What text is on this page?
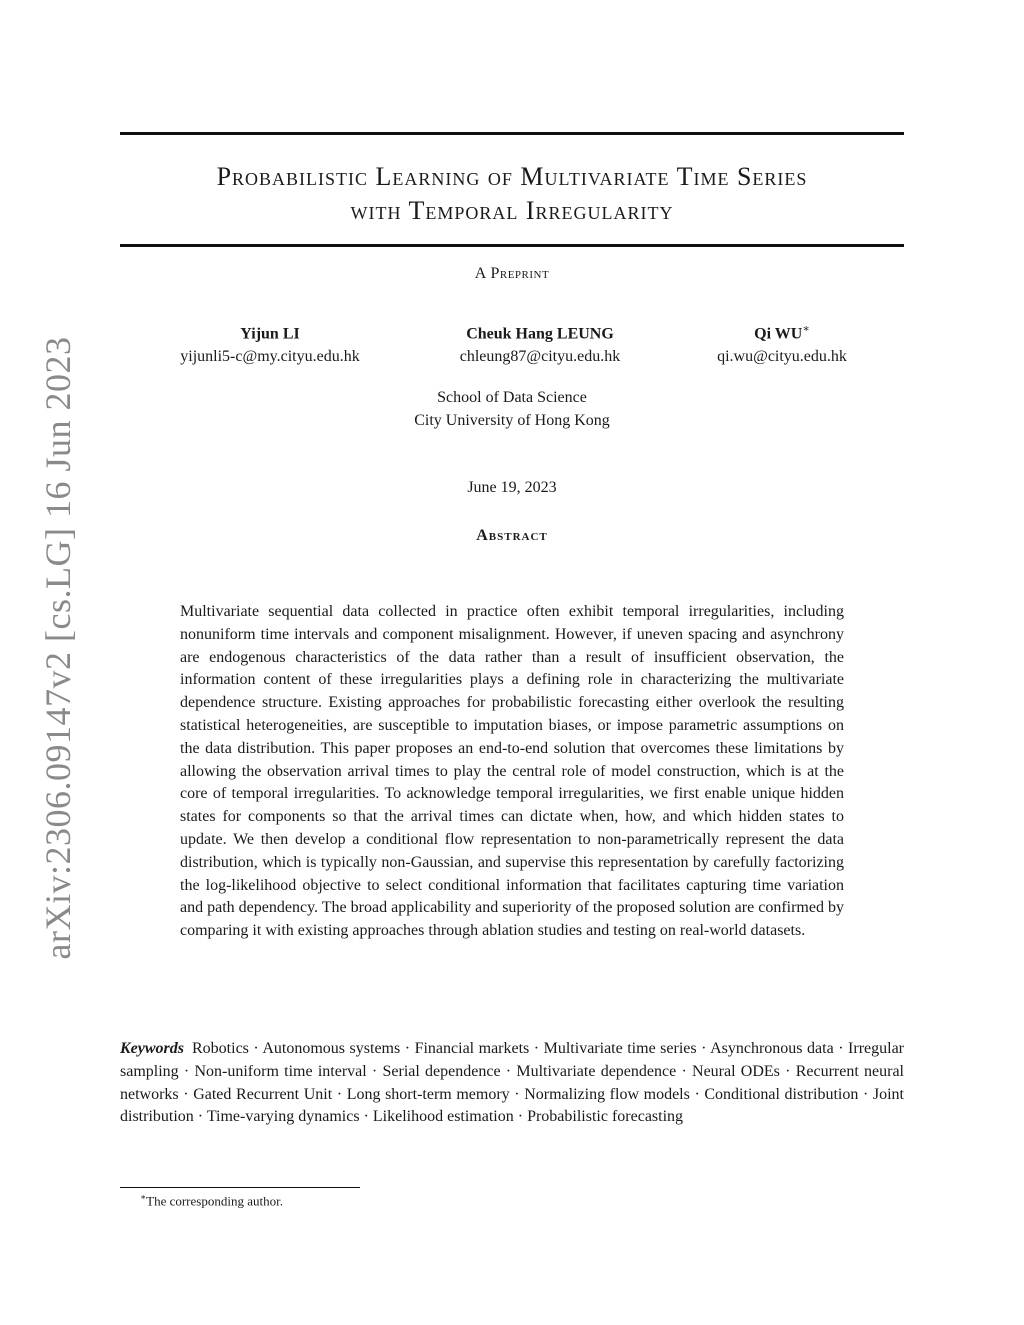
arXiv:2306.09147v2 [cs.LG] 16 Jun 2023
Probabilistic Learning of Multivariate Time Series
with Temporal Irregularity
A Preprint
Yijun LI
yijunli5-c@my.cityu.edu.hk
Cheuk Hang LEUNG
chleung87@cityu.edu.hk
Qi WU∗
qi.wu@cityu.edu.hk
School of Data Science
City University of Hong Kong
June 19, 2023
Abstract

Multivariate sequential data collected in practice often exhibit temporal irregularities, including nonuniform time intervals and component misalignment. However, if uneven spacing and asynchrony are endogenous characteristics of the data rather than a result of insufficient observation, the information content of these irregularities plays a defining role in characterizing the multivariate dependence structure. Existing approaches for probabilistic forecasting either overlook the resulting statistical heterogeneities, are susceptible to imputation biases, or impose parametric assumptions on the data distribution. This paper proposes an end-to-end solution that overcomes these limitations by allowing the observation arrival times to play the central role of model construction, which is at the core of temporal irregularities. To acknowledge temporal irregularities, we first enable unique hidden states for components so that the arrival times can dictate when, how, and which hidden states to update. We then develop a conditional flow representation to non-parametrically represent the data distribution, which is typically non-Gaussian, and supervise this representation by carefully factorizing the log-likelihood objective to select conditional information that facilitates capturing time variation and path dependency. The broad applicability and superiority of the proposed solution are confirmed by comparing it with existing approaches through ablation studies and testing on real-world datasets.

Keywords Robotics · Autonomous systems · Financial markets · Multivariate time series · Asynchronous data · Irregular sampling · Non-uniform time interval · Serial dependence · Multivariate dependence · Neural ODEs · Recurrent neural networks · Gated Recurrent Unit · Long short-term memory · Normalizing flow models · Conditional distribution · Joint distribution · Time-varying dynamics · Likelihood estimation · Probabilistic forecasting

∗The corresponding author.
